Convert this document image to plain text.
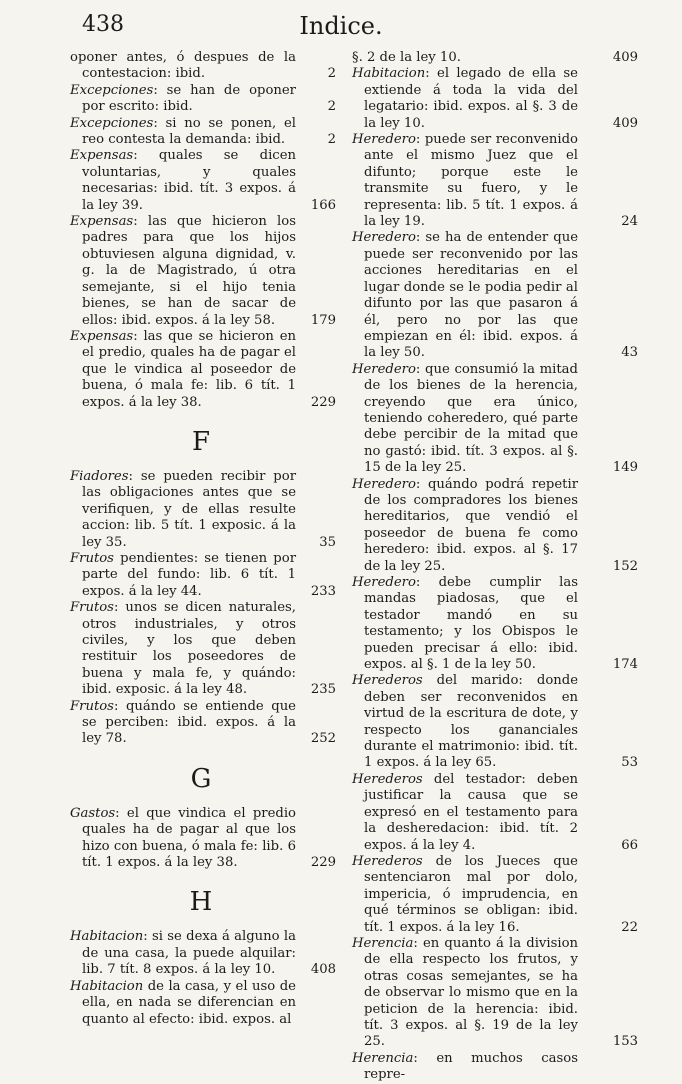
Indice.
438

oponer antes, ó despues de la contestacion: ibid.	2

Excepciones: se han de oponer por escrito: ibid.	2

Excepciones: si no se ponen, el reo contesta la demanda: ibid.	2

Expensas: quales se dicen voluntarias, y quales necesarias: ibid. tít. 3 expos. á la ley 39.	166

Expensas: las que hicieron los padres para que los hijos obtuviesen alguna dignidad, v. g. la de Magistrado, ú otra semejante, si el hijo tenia bienes, se han de sacar de ellos: ibid. expos. á la ley 58.	179

Expensas: las que se hicieron en el predio, quales ha de pagar el que le vindica al poseedor de buena, ó mala fe: lib. 6 tít. 1 expos. á la ley 38.	229

F

Fiadores: se pueden recibir por las obligaciones antes que se verifiquen, y de ellas resulte accion: lib. 5 tít. 1 exposic. á la ley 35.	35

Frutos pendientes: se tienen por parte del fundo: lib. 6 tít. 1 expos. á la ley 44.	233

Frutos: unos se dicen naturales, otros industriales, y otros civiles, y los que deben restituir los poseedores de buena y mala fe, y quándo: ibid. exposic. á la ley 48.	235

Frutos: quándo se entiende que se perciben: ibid. expos. á la ley 78.	252

G

Gastos: el que vindica el predio quales ha de pagar al que los hizo con buena, ó mala fe: lib. 6 tít. 1 expos. á la ley 38.	229

H

Habitacion: si se dexa á alguno la de una casa, la puede alquilar: lib. 7 tít. 8 expos. á la ley 10.	408

Habitacion de la casa, y el uso de ella, en nada se diferencian en quanto al efecto: ibid. expos. al

§. 2 de la ley 10.	409

Habitacion: el legado de ella se extiende á toda la vida del legatario: ibid. expos. al §. 3 de la ley 10.	409

Heredero: puede ser reconvenido ante el mismo Juez que el difunto; porque este le transmite su fuero, y le representa: lib. 5 tít. 1 expos. á la ley 19.	24

Heredero: se ha de entender que puede ser reconvenido por las acciones hereditarias en el lugar donde se le podia pedir al difunto por las que pasaron á él, pero no por las que empiezan en él: ibid. expos. á la ley 50.	43

Heredero: que consumió la mitad de los bienes de la herencia, creyendo que era único, teniendo coheredero, qué parte debe percibir de la mitad que no gastó: ibid. tít. 3 expos. al §. 15 de la ley 25.	149

Heredero: quándo podrá repetir de los compradores los bienes hereditarios, que vendió el poseedor de buena fe como heredero: ibid. expos. al §. 17 de la ley 25.	152

Heredero: debe cumplir las mandas piadosas, que el testador mandó en su testamento; y los Obispos le pueden precisar á ello: ibid. expos. al §. 1 de la ley 50.	174

Herederos del marido: donde deben ser reconvenidos en virtud de la escritura de dote, y respecto los gananciales durante el matrimonio: ibid. tít. 1 expos. á la ley 65.	53

Herederos del testador: deben justificar la causa que se expresó en el testamento para la desheredacion: ibid. tít. 2 expos. á la ley 4.	66

Herederos de los Jueces que sentenciaron mal por dolo, impericia, ó imprudencia, en qué términos se obligan: ibid. tít. 1 expos. á la ley 16.	22

Herencia: en quanto á la division de ella respecto los frutos, y otras cosas semejantes, se ha de observar lo mismo que en la peticion de la herencia: ibid. tít. 3 expos. al §. 19 de la ley 25.	153

Herencia: en muchos casos repre-
